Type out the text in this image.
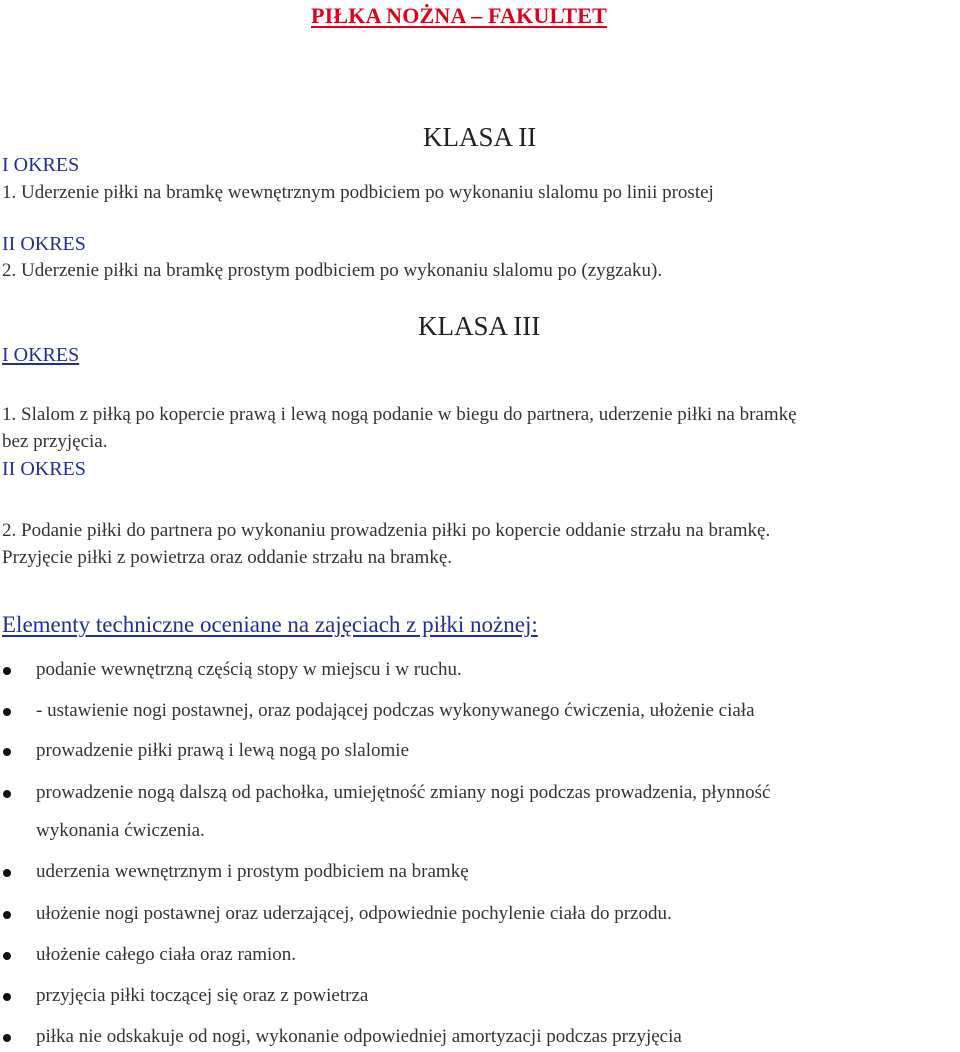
PIŁKA NOŻNA – FAKULTET
KLASA II
I OKRES
1. Uderzenie piłki na bramkę wewnętrznym podbiciem po wykonaniu slalomu po linii prostej
II OKRES
2. Uderzenie piłki na bramkę prostym podbiciem po wykonaniu slalomu po (zygzaku).
KLASA III
I OKRES
1. Slalom z piłką po kopercie prawą i lewą nogą podanie w biegu do partnera, uderzenie piłki na bramkę
bez przyjęcia.
II OKRES
2. Podanie piłki do partnera po wykonaniu prowadzenia piłki po kopercie oddanie strzału na bramkę.
Przyjęcie piłki z powietrza oraz oddanie strzału na bramkę.
Elementy techniczne oceniane na zajęciach z piłki nożnej:
podanie wewnętrzną częścią stopy w miejscu i w ruchu.
- ustawienie nogi postawnej, oraz podającej podczas wykonywanego ćwiczenia, ułożenie ciała
prowadzenie piłki prawą i lewą nogą po slalomie
prowadzenie nogą dalszą od pachołka, umiejętność zmiany nogi podczas prowadzenia, płynność
wykonania ćwiczenia.
uderzenia wewnętrznym i prostym podbiciem na bramkę
ułożenie nogi postawnej oraz uderzającej, odpowiednie pochylenie ciała do przodu.
ułożenie całego ciała oraz ramion.
przyjęcia piłki toczącej się oraz z powietrza
piłka nie odskakuje od nogi, wykonanie odpowiedniej amortyzacji podczas przyjęcia
